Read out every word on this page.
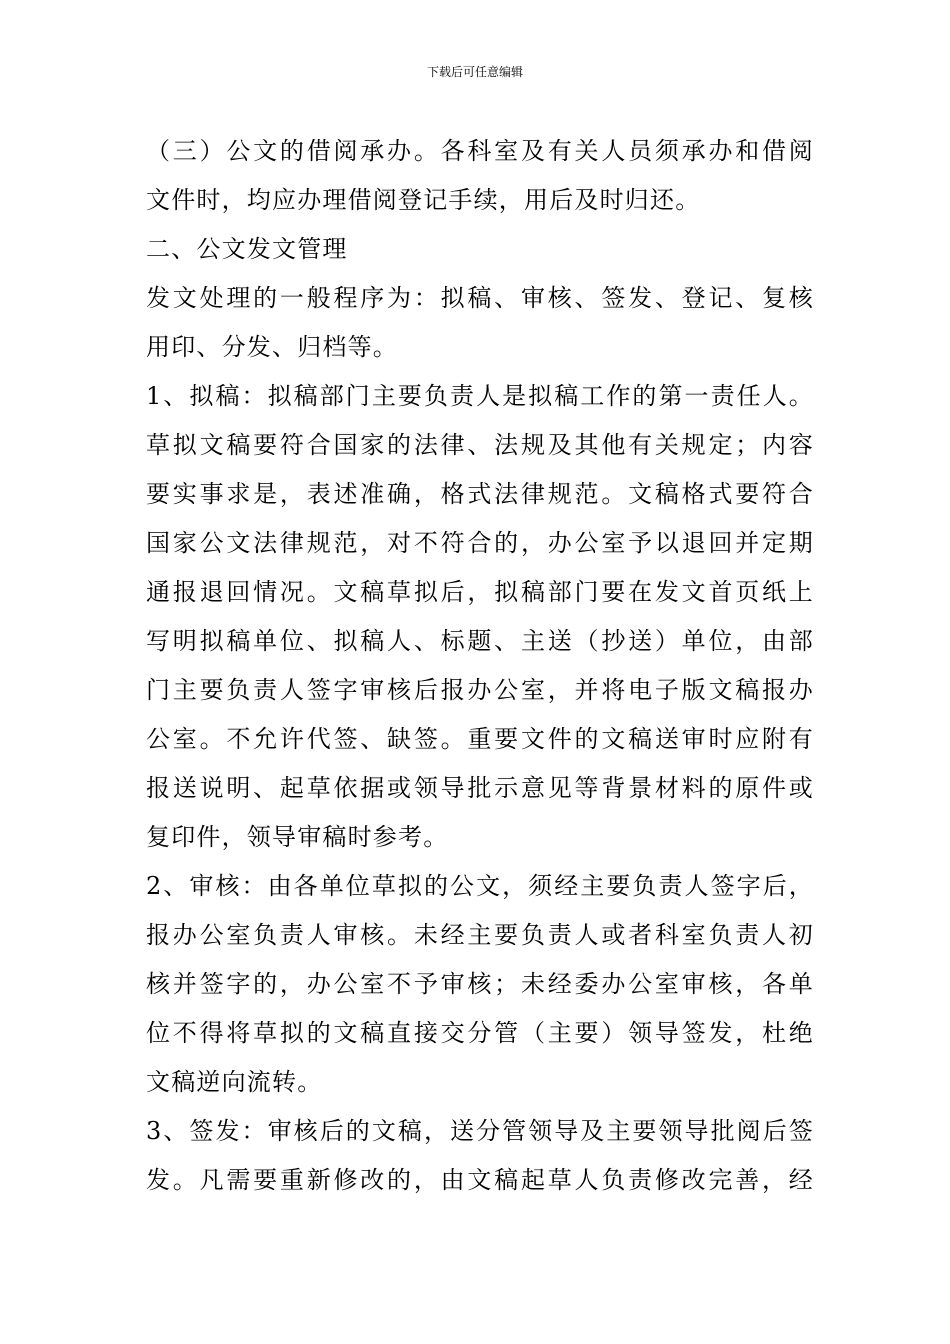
下载后可任意编辑
（三）公文的借阅承办。各科室及有关人员须承办和借阅
文件时，均应办理借阅登记手续，用后及时归还。
二、公文发文管理
发文处理的一般程序为：拟稿、审核、签发、登记、复核
用印、分发、归档等。
1、拟稿：拟稿部门主要负责人是拟稿工作的第一责任人。
草拟文稿要符合国家的法律、法规及其他有关规定；内容
要实事求是，表述准确，格式法律规范。文稿格式要符合
国家公文法律规范，对不符合的，办公室予以退回并定期
通报退回情况。文稿草拟后，拟稿部门要在发文首页纸上
写明拟稿单位、拟稿人、标题、主送（抄送）单位，由部
门主要负责人签字审核后报办公室，并将电子版文稿报办
公室。不允许代签、缺签。重要文件的文稿送审时应附有
报送说明、起草依据或领导批示意见等背景材料的原件或
复印件，领导审稿时参考。
2、审核：由各单位草拟的公文，须经主要负责人签字后，
报办公室负责人审核。未经主要负责人或者科室负责人初
核并签字的，办公室不予审核；未经委办公室审核，各单
位不得将草拟的文稿直接交分管（主要）领导签发，杜绝
文稿逆向流转。
3、签发：审核后的文稿，送分管领导及主要领导批阅后签
发。凡需要重新修改的，由文稿起草人负责修改完善，经
